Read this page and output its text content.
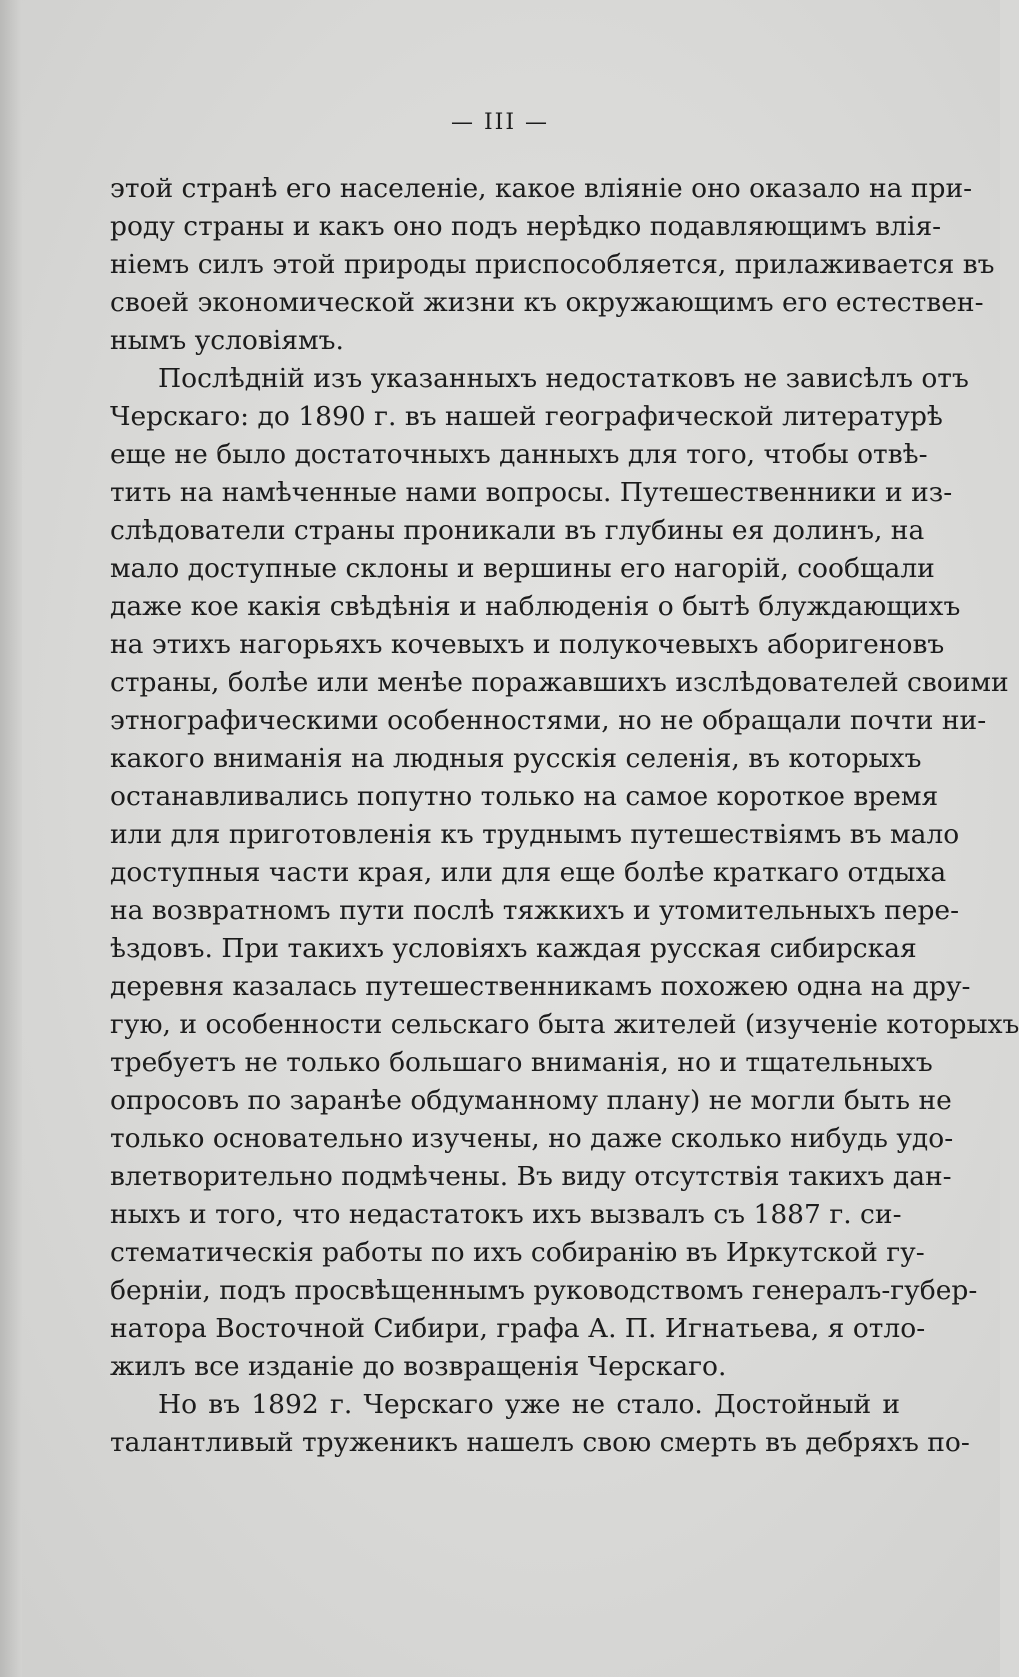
— III —
этой странѣ его населеніе, какое вліяніе оно оказало на при-
роду страны и какъ оно подъ нерѣдко подавляющимъ влія-
ніемъ силъ этой природы приспособляется, прилаживается въ
своей экономической жизни къ окружающимъ его естествен-
нымъ условіямъ.
Послѣдній изъ указанныхъ недостатковъ не зависѣлъ отъ
Черскаго: до 1890 г. въ нашей географической литературѣ
еще не было достаточныхъ данныхъ для того, чтобы отвѣ-
тить на намѣченные нами вопросы. Путешественники и из-
слѣдователи страны проникали въ глубины ея долинъ, на
мало доступные склоны и вершины его нагорій, сообщали
даже кое какія свѣдѣнія и наблюденія о бытѣ блуждающихъ
на этихъ нагорьяхъ кочевыхъ и полукочевыхъ аборигеновъ
страны, болѣе или менѣе поражавшихъ изслѣдователей своими
этнографическими особенностями, но не обращали почти ни-
какого вниманія на людныя русскія селенія, въ которыхъ
останавливались попутно только на самое короткое время
или для приготовленія къ труднымъ путешествіямъ въ мало
доступныя части края, или для еще болѣе краткаго отдыха
на возвратномъ пути послѣ тяжкихъ и утомительныхъ пере-
ѣздовъ. При такихъ условіяхъ каждая русская сибирская
деревня казалась путешественникамъ похожею одна на дру-
гую, и особенности сельскаго быта жителей (изученіе которыхъ
требуетъ не только большаго вниманія, но и тщательныхъ
опросовъ по заранѣе обдуманному плану) не могли быть не
только основательно изучены, но даже сколько нибудь удо-
влетворительно подмѣчены. Въ виду отсутствія такихъ дан-
ныхъ и того, что недастатокъ ихъ вызвалъ съ 1887 г. си-
стематическія работы по ихъ собиранію въ Иркутской гу-
берніи, подъ просвѣщеннымъ руководствомъ генералъ-губер-
натора Восточной Сибири, графа А. П. Игнатьева, я отло-
жилъ все изданіе до возвращенія Черскаго.
Но въ 1892 г. Черскаго уже не стало. Достойный и
талантливый труженикъ нашелъ свою смерть въ дебряхъ по-
